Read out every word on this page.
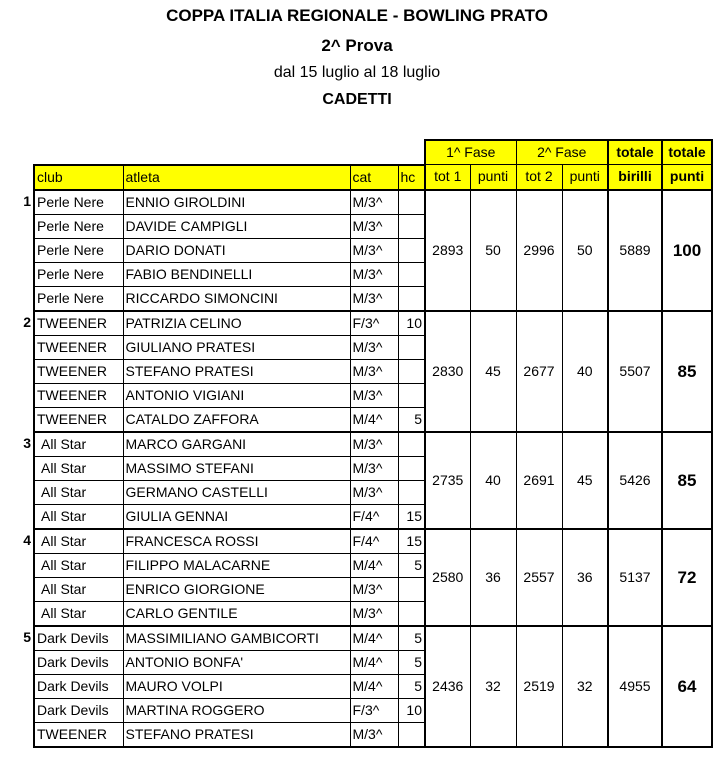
COPPA ITALIA REGIONALE - BOWLING PRATO
2^ Prova
dal 15 luglio al 18 luglio
CADETTI
					1^ Fase		2^ Fase		totale	totale
	club	atleta	cat	hc	tot 1	punti	tot 2	punti	birilli	punti
1	Perle Nere	ENNIO GIROLDINI	M/3^		2893	50	2996	50	5889	100
	Perle Nere	DAVIDE CAMPIGLI	M/3^							
	Perle Nere	DARIO DONATI	M/3^							
	Perle Nere	FABIO BENDINELLI	M/3^							
	Perle Nere	RICCARDO SIMONCINI	M/3^							
2	TWEENER	PATRIZIA CELINO	F/3^	10	2830	45	2677	40	5507	85
	TWEENER	GIULIANO PRATESI	M/3^							
	TWEENER	STEFANO PRATESI	M/3^							
	TWEENER	ANTONIO VIGIANI	M/3^							
	TWEENER	CATALDO ZAFFORA	M/4^	5						
3	All Star	MARCO GARGANI	M/3^		2735	40	2691	45	5426	85
	All Star	MASSIMO STEFANI	M/3^							
	All Star	GERMANO CASTELLI	M/3^							
	All Star	GIULIA GENNAI	F/4^	15						
4	All Star	FRANCESCA ROSSI	F/4^	15	2580	36	2557	36	5137	72
	All Star	FILIPPO MALACARNE	M/4^	5						
	All Star	ENRICO GIORGIONE	M/3^							
	All Star	CARLO GENTILE	M/3^							
5	Dark Devils	MASSIMILIANO GAMBICORTI	M/4^	5	2436	32	2519	32	4955	64
	Dark Devils	ANTONIO BONFA'	M/4^	5						
	Dark Devils	MAURO VOLPI	M/4^	5						
	Dark Devils	MARTINA ROGGERO	F/3^	10						
	TWEENER	STEFANO PRATESI	M/3^							
